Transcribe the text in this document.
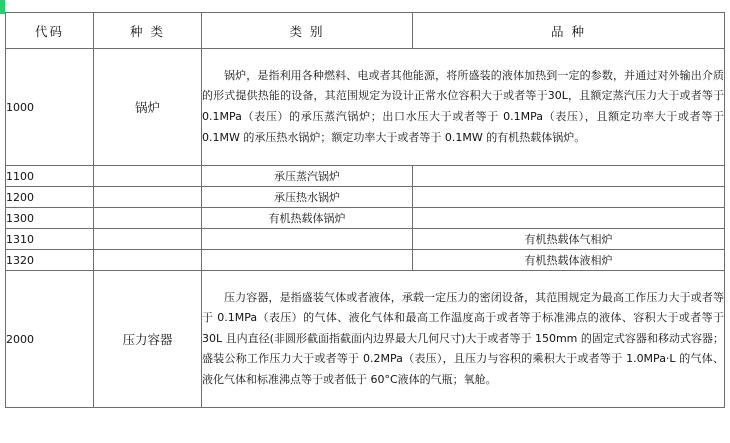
代码	种 类	类 别	品 种
1000	锅炉	锅炉，是指利用各种燃料、电或者其他能源，将所盛装的液体加热到一定的参数，并通过对外输出介质的形式提供热能的设备，其范围规定为设计正常水位容积大于或者等于30L，且额定蒸汽压力大于或者等于 0.1MPa（表压）的承压蒸汽锅炉；出口水压大于或者等于 0.1MPa（表压），且额定功率大于或者等于 0.1MW 的承压热水锅炉；额定功率大于或者等于 0.1MW 的有机热载体锅炉。	

1100		承压蒸汽锅炉	
1200		承压热水锅炉	
1300		有机热载体锅炉	
1310			有机热载体气相炉
1320			有机热载体液相炉
2000	压力容器	压力容器，是指盛装气体或者液体，承载一定压力的密闭设备，其范围规定为最高工作压力大于或者等于 0.1MPa（表压）的气体、液化气体和最高工作温度高于或者等于标准沸点的液体、容积大于或者等于 30L 且内直径(非圆形截面指截面内边界最大几何尺寸)大于或者等于 150mm 的固定式容器和移动式容器；盛装公称工作压力大于或者等于 0.2MPa（表压），且压力与容积的乘积大于或者等于 1.0MPa·L 的气体、液化气体和标准沸点等于或者低于 60°C液体的气瓶；氧舱。	
